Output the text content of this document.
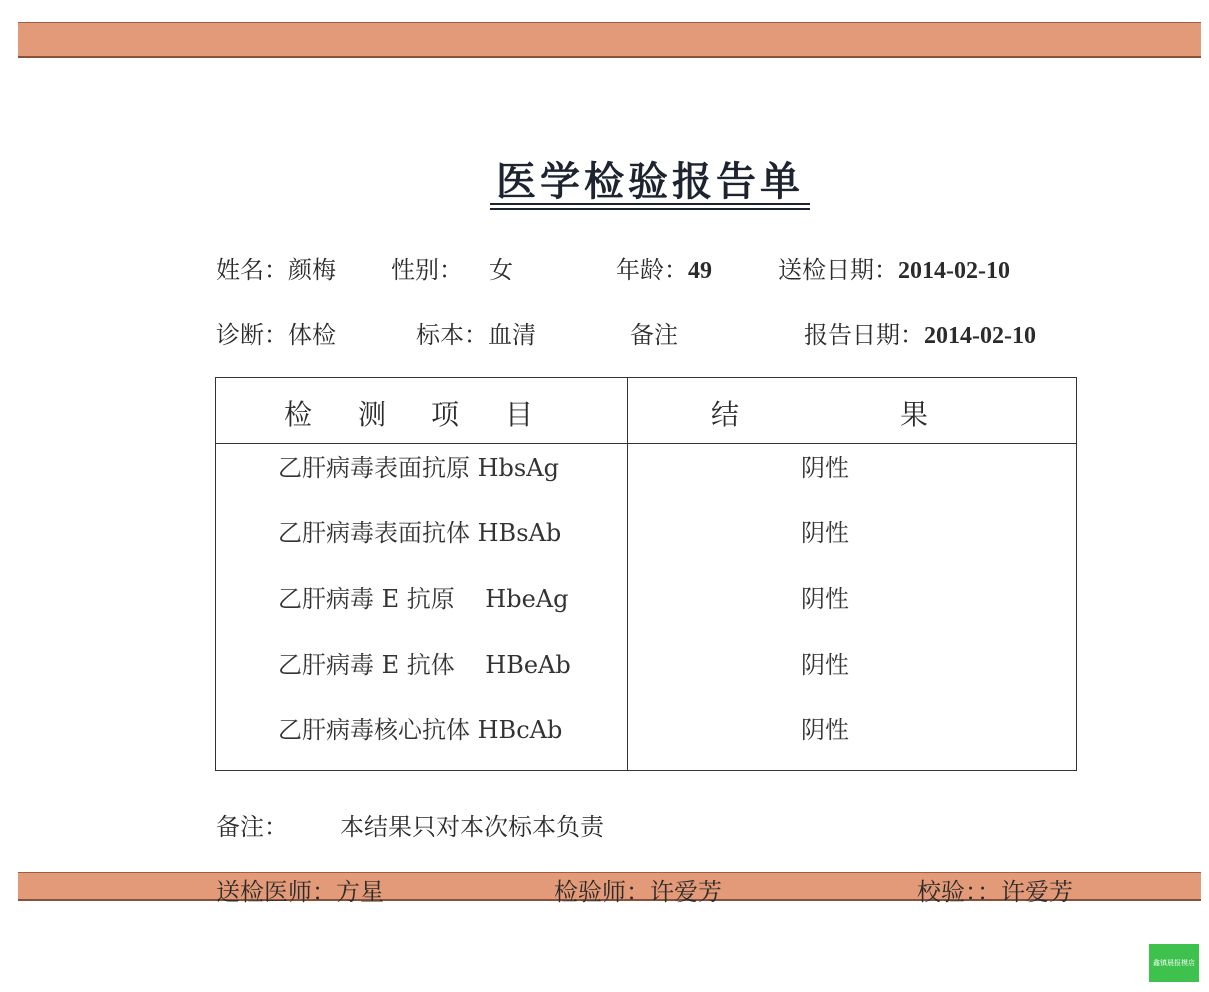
医学检验报告单
姓名：颜梅 性别： 女	年龄：49	送检日期：2014-02-10
诊断：体检	标本：血清	备注	报告日期：2014-02-10
检 测 项 目	结	果
乙肝病毒表面抗原 HbsAg	阴性
乙肝病毒表面抗体 HBsAb	阴性
乙肝病毒 E 抗原    HbeAg	阴性
乙肝病毒 E 抗体    HBeAb	阴性
乙肝病毒核心抗体 HBcAb	阴性
备注： 本结果只对本次标本负责
送检医师：方星	检验师：许爱芳	校验：：许爱芳
鑫镇晨报模店
